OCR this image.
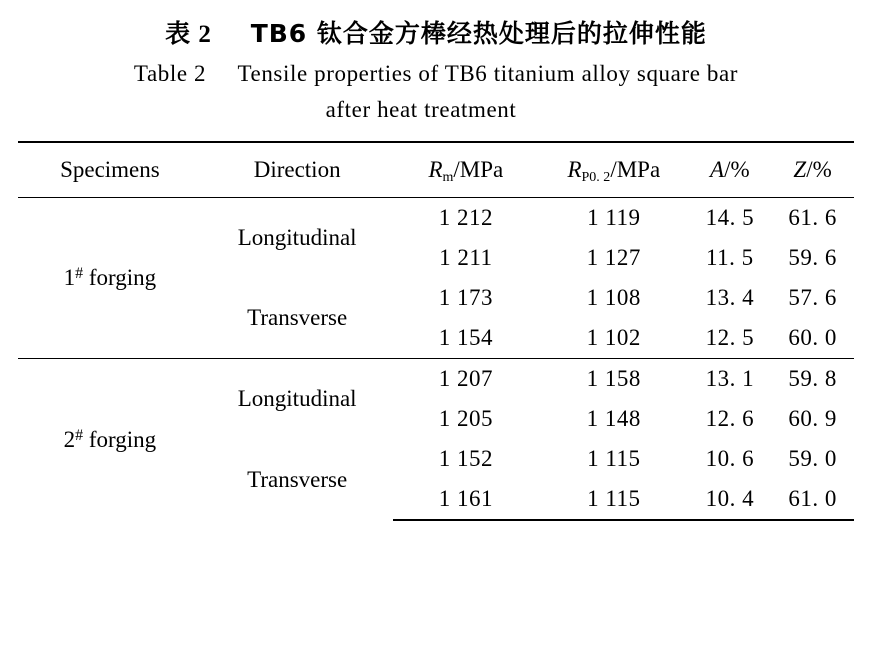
表 2 TB6 钛合金方棒经热处理后的拉伸性能
Table 2 Tensile properties of TB6 titanium alloy square bar
after heat treatment
Specimens	Direction	$R_m$/MPa	$R_{P0. 2}$/MPa	A/%	Z/%
1# forging	Longitudinal	1 212	1 119	14. 5	61. 6
		1 211	1 127	11. 5	59. 6
	Transverse	1 173	1 108	13. 4	57. 6
		1 154	1 102	12. 5	60. 0
2# forging	Longitudinal	1 207	1 158	13. 1	59. 8
		1 205	1 148	12. 6	60. 9
	Transverse	1 152	1 115	10. 6	59. 0
		1 161	1 115	10. 4	61. 0
